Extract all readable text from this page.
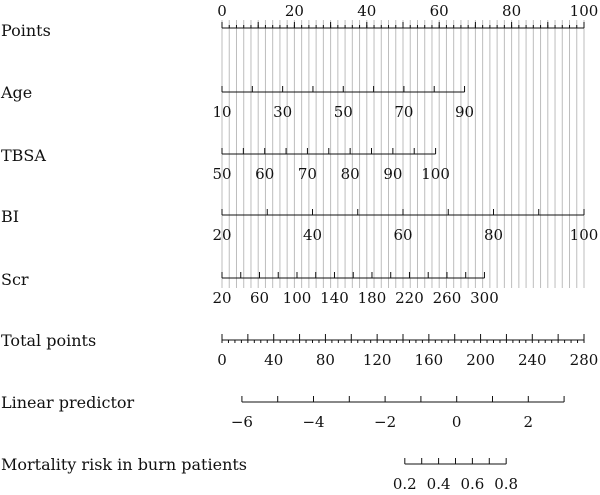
Points
0	20	40	60	80	100
Age
10	30	50	70	90
TBSA
50 60 70 80 90 100
BI
20	40	60	80	100
Scr
20 60 100 140 180 220 260 300
Total points
0 40 80 120 160 200 240 280
Linear predictor
−6	−4	−2	0	2
Mortality risk in burn patients
0.2 0.4 0.6 0.8
